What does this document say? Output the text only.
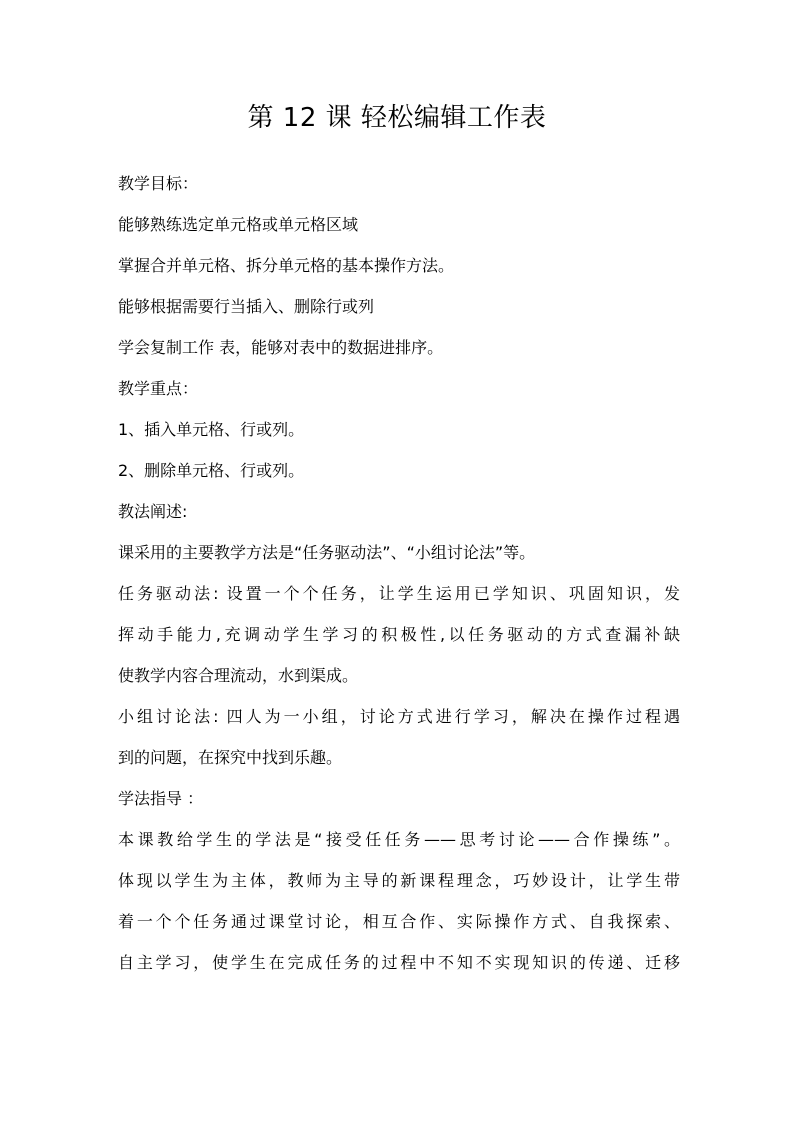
第 12 课 轻松编辑工作表

教学目标：

能够熟练选定单元格或单元格区域

掌握合并单元格、拆分单元格的基本操作方法。

能够根据需要行当插入、删除行或列

学会复制工作 表，能够对表中的数据进排序。

教学重点：

1、插入单元格、行或列。

2、删除单元格、行或列。

教法阐述:

课采用的主要教学方法是“任务驱动法”、“小组讨论法”等。

任务驱动法: 设置一个个任务，让学生运用已学知识、巩固知识，发

挥动手能力,充调动学生学习的积极性,以任务驱动的方式查漏补缺

使教学内容合理流动，水到渠成。

小组讨论法: 四人为一小组，讨论方式进行学习，解决在操作过程遇

到的问题，在探究中找到乐趣。

学法指导 ：

本课教给学生的学法是“接受任任务——思考讨论——合作操练”。

体现以学生为主体，教师为主导的新课程理念，巧妙设计，让学生带

着一个个任务通过课堂讨论，相互合作、实际操作方式、自我探索、

自主学习，使学生在完成任务的过程中不知不实现知识的传递、迁移
